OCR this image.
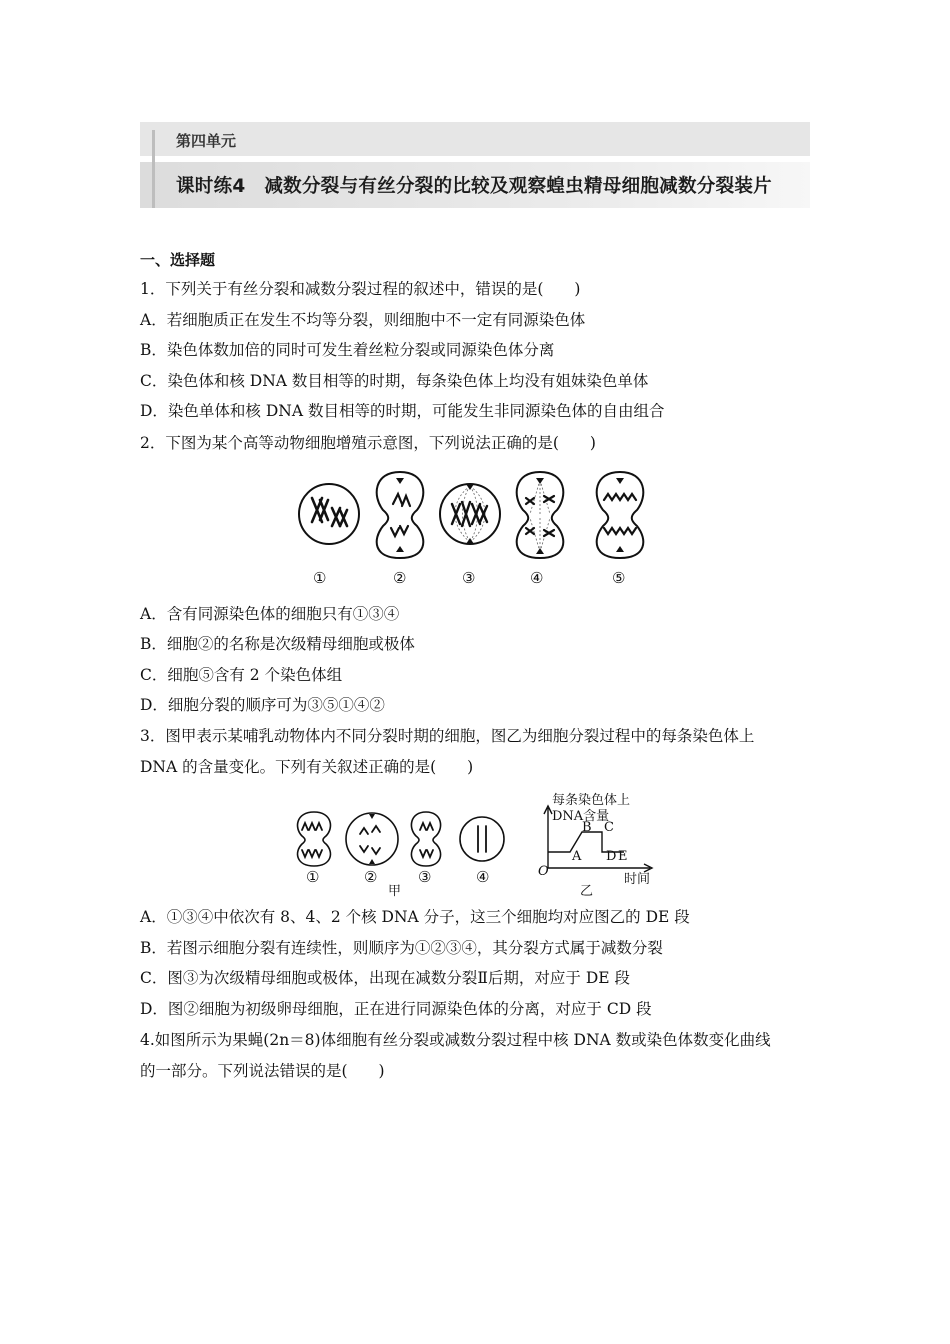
第四单元
课时练4　减数分裂与有丝分裂的比较及观察蝗虫精母细胞减数分裂装片
一、选择题
1．下列关于有丝分裂和减数分裂过程的叙述中，错误的是(　　)
A．若细胞质正在发生不均等分裂，则细胞中不一定有同源染色体
B．染色体数加倍的同时可发生着丝粒分裂或同源染色体分离
C．染色体和核 DNA 数目相等的时期，每条染色体上均没有姐妹染色单体
D．染色单体和核 DNA 数目相等的时期，可能发生非同源染色体的自由组合
2．下图为某个高等动物细胞增殖示意图，下列说法正确的是(　　)
①	②	③	④	⑤
A．含有同源染色体的细胞只有①③④
B．细胞②的名称是次级精母细胞或极体
C．细胞⑤含有 2 个染色体组
D．细胞分裂的顺序可为③⑤①④②
3．图甲表示某哺乳动物体内不同分裂时期的细胞，图乙为细胞分裂过程中的每条染色体上
DNA 的含量变化。下列有关叙述正确的是(　　)
①	②	③	④
甲
每条染色体上
DNA含量
B C
A D E
O
时间
乙
A．①③④中依次有 8、4、2 个核 DNA 分子，这三个细胞均对应图乙的 DE 段
B．若图示细胞分裂有连续性，则顺序为①②③④，其分裂方式属于减数分裂
C．图③为次级精母细胞或极体，出现在减数分裂Ⅱ后期，对应于 DE 段
D．图②细胞为初级卵母细胞，正在进行同源染色体的分离，对应于 CD 段
4.如图所示为果蝇(2n＝8)体细胞有丝分裂或减数分裂过程中核 DNA 数或染色体数变化曲线
的一部分。下列说法错误的是(　　)
